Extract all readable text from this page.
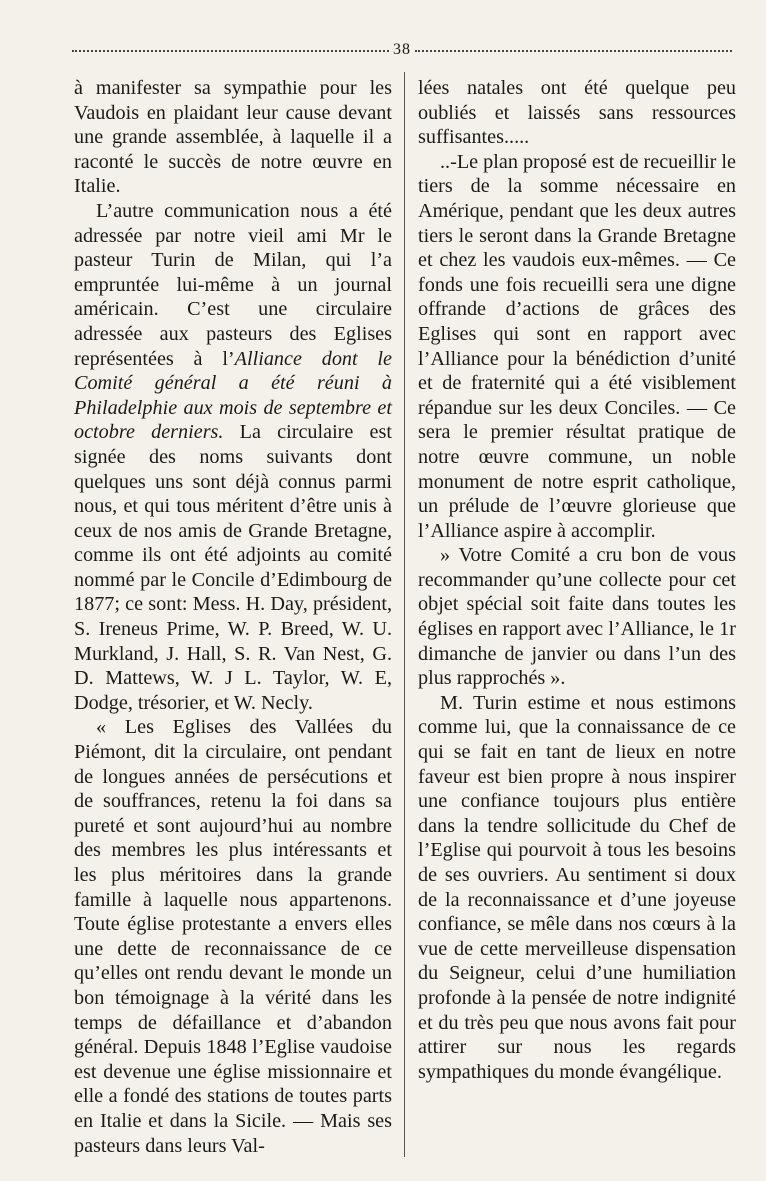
38

à manifester sa sympathie pour les Vaudois en plaidant leur cause devant une grande assemblée, à laquelle il a raconté le succès de notre œuvre en Italie.

L’autre communication nous a été adressée par notre vieil ami Mr le pasteur Turin de Milan, qui l’a empruntée lui-même à un journal américain. C’est une circulaire adressée aux pasteurs des Eglises représentées à l’Alliance dont le Comité général a été réuni à Philadelphie aux mois de septembre et octobre derniers. La circulaire est signée des noms suivants dont quelques uns sont déjà connus parmi nous, et qui tous méritent d’être unis à ceux de nos amis de Grande Bretagne, comme ils ont été adjoints au comité nommé par le Concile d’Edimbourg de 1877; ce sont: Mess. H. Day, président, S. Ireneus Prime, W. P. Breed, W. U. Murkland, J. Hall, S. R. Van Nest, G. D. Mattews, W. J L. Taylor, W. E, Dodge, trésorier, et W. Necly.

« Les Eglises des Vallées du Piémont, dit la circulaire, ont pendant de longues années de persécutions et de souffrances, retenu la foi dans sa pureté et sont aujourd’hui au nombre des membres les plus intéressants et les plus méritoires dans la grande famille à laquelle nous appartenons. Toute église protestante a envers elles une dette de reconnaissance de ce qu’elles ont rendu devant le monde un bon témoignage à la vérité dans les temps de défaillance et d’abandon général. Depuis 1848 l’Eglise vaudoise est devenue une église missionnaire et elle a fondé des stations de toutes parts en Italie et dans la Sicile. — Mais ses pasteurs dans leurs Val-

lées natales ont été quelque peu oubliés et laissés sans ressources suffisantes.....

..-Le plan proposé est de recueillir le tiers de la somme nécessaire en Amérique, pendant que les deux autres tiers le seront dans la Grande Bretagne et chez les vaudois eux-mêmes. — Ce fonds une fois recueilli sera une digne offrande d’actions de grâces des Eglises qui sont en rapport avec l’Alliance pour la bénédiction d’unité et de fraternité qui a été visiblement répandue sur les deux Conciles. — Ce sera le premier résultat pratique de notre œuvre commune, un noble monument de notre esprit catholique, un prélude de l’œuvre glorieuse que l’Alliance aspire à accomplir.

» Votre Comité a cru bon de vous recommander qu’une collecte pour cet objet spécial soit faite dans toutes les églises en rapport avec l’Alliance, le 1r dimanche de janvier ou dans l’un des plus rapprochés ».

M. Turin estime et nous estimons comme lui, que la connaissance de ce qui se fait en tant de lieux en notre faveur est bien propre à nous inspirer une confiance toujours plus entière dans la tendre sollicitude du Chef de l’Eglise qui pourvoit à tous les besoins de ses ouvriers. Au sentiment si doux de la reconnaissance et d’une joyeuse confiance, se mêle dans nos cœurs à la vue de cette merveilleuse dispensation du Seigneur, celui d’une humiliation profonde à la pensée de notre indignité et du très peu que nous avons fait pour attirer sur nous les regards sympathiques du monde évangélique.
